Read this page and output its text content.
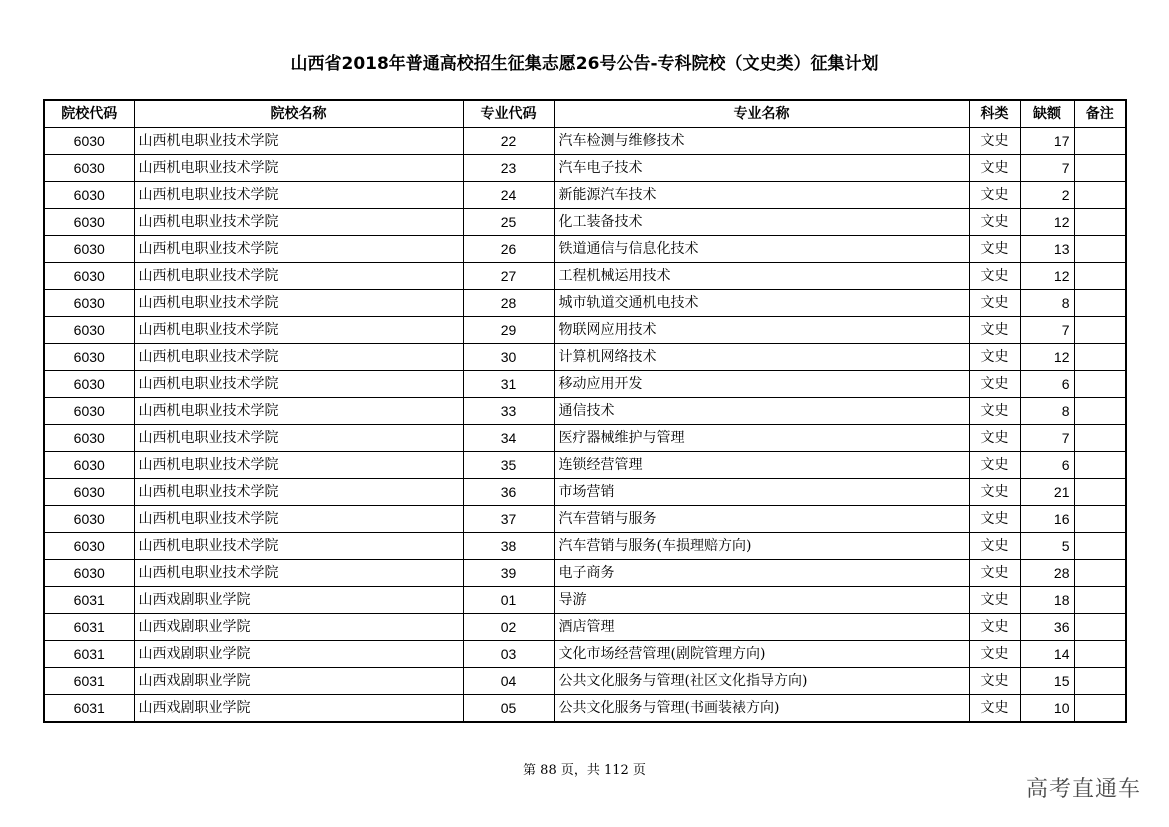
山西省2018年普通高校招生征集志愿26号公告-专科院校（文史类）征集计划
院校代码	院校名称	专业代码	专业名称	科类	缺额	备注
6030	山西机电职业技术学院	22	汽车检测与维修技术	文史	17	
6030	山西机电职业技术学院	23	汽车电子技术	文史	7	
6030	山西机电职业技术学院	24	新能源汽车技术	文史	2	
6030	山西机电职业技术学院	25	化工装备技术	文史	12	
6030	山西机电职业技术学院	26	铁道通信与信息化技术	文史	13	
6030	山西机电职业技术学院	27	工程机械运用技术	文史	12	
6030	山西机电职业技术学院	28	城市轨道交通机电技术	文史	8	
6030	山西机电职业技术学院	29	物联网应用技术	文史	7	
6030	山西机电职业技术学院	30	计算机网络技术	文史	12	
6030	山西机电职业技术学院	31	移动应用开发	文史	6	
6030	山西机电职业技术学院	33	通信技术	文史	8	
6030	山西机电职业技术学院	34	医疗器械维护与管理	文史	7	
6030	山西机电职业技术学院	35	连锁经营管理	文史	6	
6030	山西机电职业技术学院	36	市场营销	文史	21	
6030	山西机电职业技术学院	37	汽车营销与服务	文史	16	
6030	山西机电职业技术学院	38	汽车营销与服务(车损理赔方向)	文史	5	
6030	山西机电职业技术学院	39	电子商务	文史	28	
6031	山西戏剧职业学院	01	导游	文史	18	
6031	山西戏剧职业学院	02	酒店管理	文史	36	
6031	山西戏剧职业学院	03	文化市场经营管理(剧院管理方向)	文史	14	
6031	山西戏剧职业学院	04	公共文化服务与管理(社区文化指导方向)	文史	15	
6031	山西戏剧职业学院	05	公共文化服务与管理(书画装裱方向)	文史	10	
第 88 页，共 112 页
高考直通车
